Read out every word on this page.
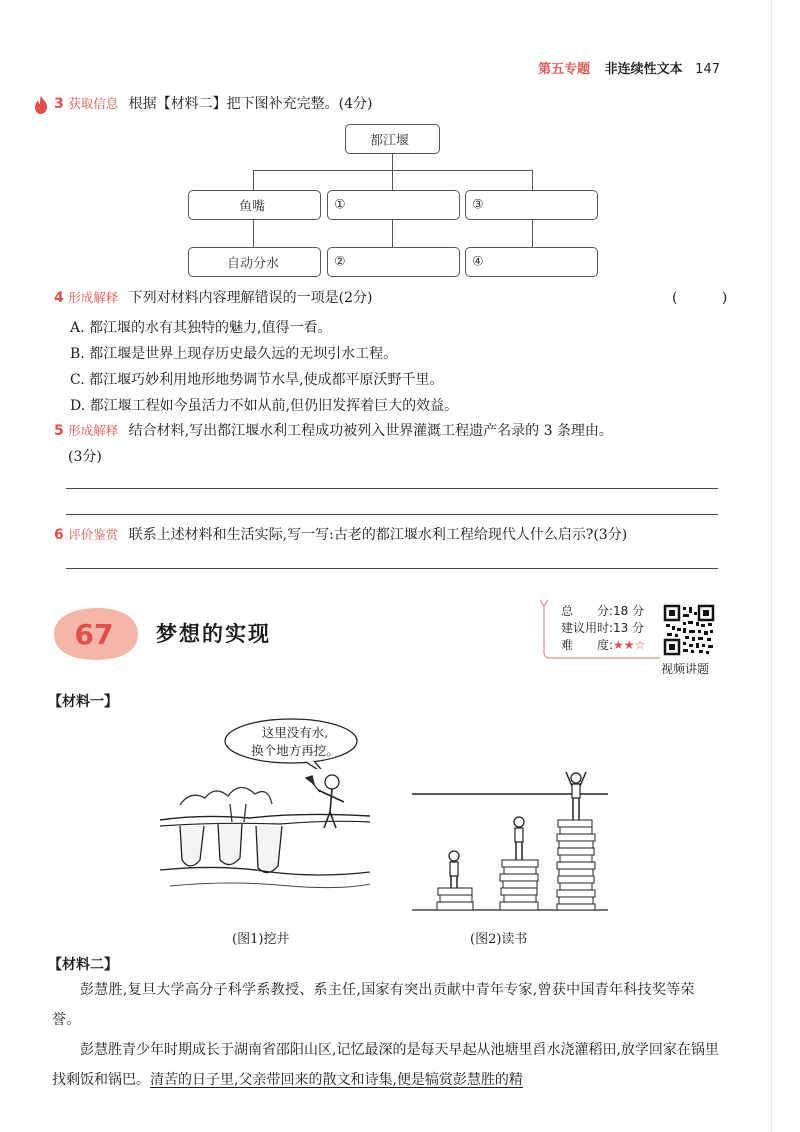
第五专题 非连续性文本 147
3 获取信息 根据【材料二】把下图补充完整。(4分)
都江堰
鱼嘴	①	③
自动分水	②	④
4 形成解释 下列对材料内容理解错误的一项是(2分)	( )
A. 都江堰的水有其独特的魅力,值得一看。
B. 都江堰是世界上现存历史最久远的无坝引水工程。
C. 都江堰巧妙利用地形地势调节水旱,使成都平原沃野千里。
D. 都江堰工程如今虽活力不如从前,但仍旧发挥着巨大的效益。
5 形成解释 结合材料,写出都江堰水利工程成功被列入世界灌溉工程遗产名录的 3 条理由。
(3分)
6 评价鉴赏 联系上述材料和生活实际,写一写:古老的都江堰水利工程给现代人什么启示?(3分)
67 梦想的实现
总　　分:18 分
建议用时:13 分
难　　度:★★☆
视频讲题
【材料一】
这里没有水,
换个地方再挖。
(图1)挖井	(图2)读书
【材料二】
彭慧胜,复旦大学高分子科学系教授、系主任,国家有突出贡献中青年专家,曾获中国青年科技奖等荣誉。
彭慧胜青少年时期成长于湖南省邵阳山区,记忆最深的是每天早起从池塘里舀水浇灌稻田,放学回家在锅里找剩饭和锅巴。清苦的日子里,父亲带回来的散文和诗集,便是犒赏彭慧胜的精
